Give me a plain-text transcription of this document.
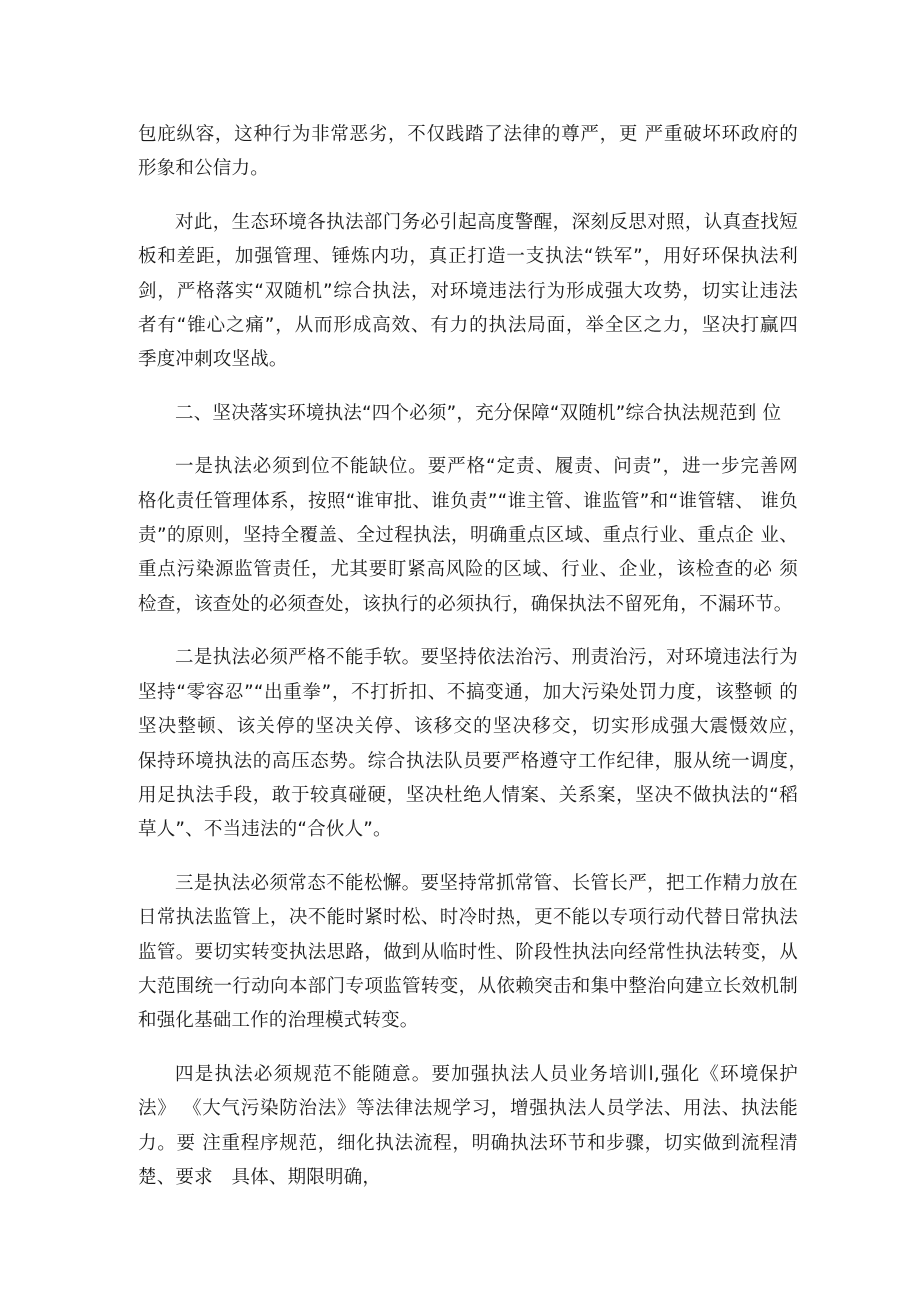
包庇纵容，这种行为非常恶劣，不仅践踏了法律的尊严，更 严重破坏环政府的形象和公信力。

对此，生态环境各执法部门务必引起高度警醒，深刻反思对照，认真查找短　板和差距，加强管理、锤炼内功，真正打造一支执法“铁军”，用好环保执法利 剑，严格落实“双随机”综合执法，对环境违法行为形成强大攻势，切实让违法　 者有“锥心之痛”，从而形成高效、有力的执法局面，举全区之力，坚决打赢四 季度冲刺攻坚战。

二、坚决落实环境执法“四个必须”，充分保障“双随机”综合执法规范到 位

一是执法必须到位不能缺位。要严格“定责、履责、问责”，进一步完善网 格化责任管理体系，按照“谁审批、谁负责”“谁主管、谁监管”和“谁管辖、 谁负责”的原则，坚持全覆盖、全过程执法，明确重点区域、重点行业、重点企 业、重点污染源监管责任，尤其要盯紧高风险的区域、行业、企业，该检查的必 须检查，该查处的必须查处，该执行的必须执行，确保执法不留死角，不漏环节。

二是执法必须严格不能手软。要坚持依法治污、刑责治污，对环境违法行为 坚持“零容忍”“出重拳”，不打折扣、不搞变通，加大污染处罚力度，该整顿 的坚决整顿、该关停的坚决关停、该移交的坚决移交，切实形成强大震慑效应，　保持环境执法的高压态势。综合执法队员要严格遵守工作纪律，服从统一调度，　用足执法手段，敢于较真碰硬，坚决杜绝人情案、关系案，坚决不做执法的“稻 草人”、不当违法的“合伙人”。

三是执法必须常态不能松懈。要坚持常抓常管、长管长严，把工作精力放在　 日常执法监管上，决不能时紧时松、时冷时热，更不能以专项行动代替日常执法 监管。要切实转变执法思路，做到从临时性、阶段性执法向经常性执法转变，从 大范围统一行动向本部门专项监管转变，从依赖突击和集中整治向建立长效机制 和强化基础工作的治理模式转变。

四是执法必须规范不能随意。要加强执法人员业务培训l,强化《环境保护法》 《大气污染防治法》等法律法规学习，增强执法人员学法、用法、执法能力。要 注重程序规范，细化执法流程，明确执法环节和步骤，切实做到流程清楚、要求　具体、期限明确，
